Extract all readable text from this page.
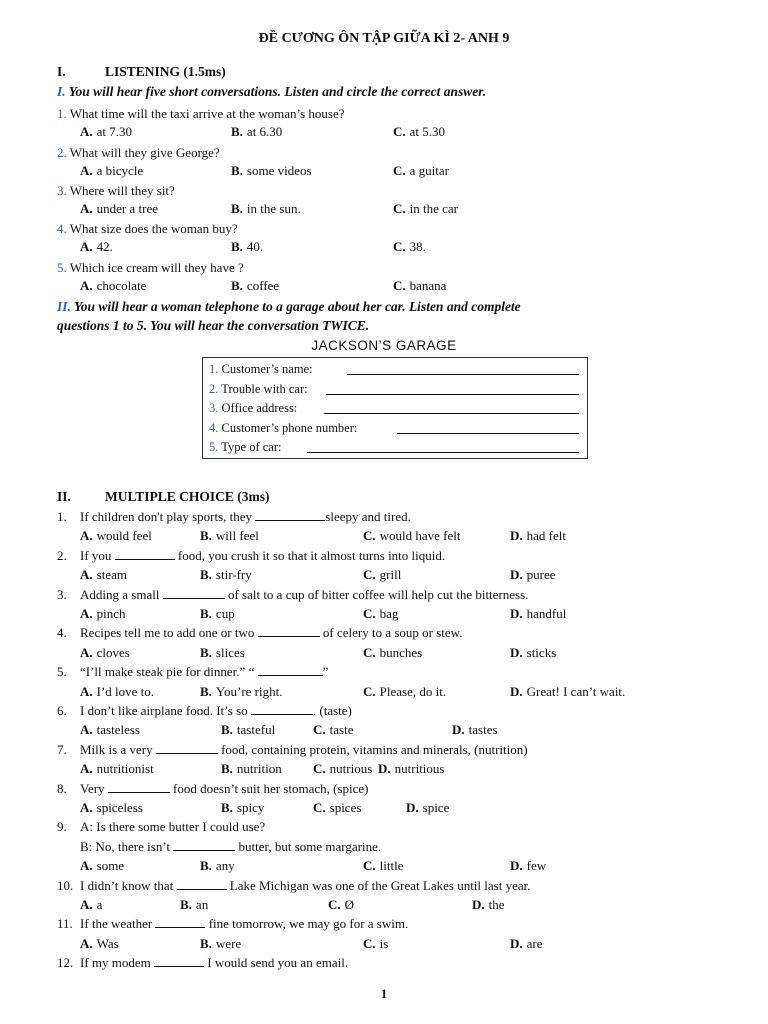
ĐỀ CƯƠNG ÔN TẬP GIỮA KÌ 2- ANH 9
I.	LISTENING (1.5ms)
I. You will hear five short conversations. Listen and circle the correct answer.
1. What time will the taxi arrive at the woman’s house?
A. at 7.30	B. at 6.30	C. at 5.30
2. What will they give George?
A. a bicycle	B. some videos	C. a guitar
3. Where will they sit?
A. under a tree	B. in the sun.	C. in the car
4. What size does the woman buy?
A. 42.	B. 40.	C. 38.
5. Which ice cream will they have ?
A. chocolate	B. coffee	C. banana
II. You will hear a woman telephone to a garage about her car. Listen and complete
questions 1 to 5. You will hear the conversation TWICE.
JACKSON’S GARAGE
1. Customer’s name:
2. Trouble with car:
3. Office address:
4. Customer’s phone number:
5. Type of car:
II.	MULTIPLE CHOICE (3ms)
1. If children don't play sports, they	sleepy and tired.
A. would feel	B. will feel	C. would have felt	D. had felt
2. If you	food, you crush it so that it almost turns into liquid.
A. steam	B. stir-fry	C. grill	D. puree
3. Adding a small	of salt to a cup of bitter coffee will help cut the bitterness.
A. pinch	B. cup	C. bag	D. handful
4. Recipes tell me to add one or two	of celery to a soup or stew.
A. cloves	B. slices	C. bunches	D. sticks
5. “I’ll make steak pie for dinner.” “	”
A. I’d love to.	B. You’re right.	C. Please, do it.	D. Great! I can’t wait.
6. I don’t like airplane food. It’s so	. (taste)
A. tasteless	B. tasteful	C. taste	D. tastes
7. Milk is a very	food, containing protein, vitamins and minerals, (nutrition)
A. nutritionist	B. nutrition C. nutrious D. nutritious
8. Very	food doesn’t suit her stomach, (spice)
A. spiceless	B. spicy	C. spices	D. spice
9. A: Is there some butter I could use?
B: No, there isn’t	butter, but some margarine.
A. some	B. any	C. little	D. few
10. I didn’t know that	Lake Michigan was one of the Great Lakes until last year.
A. a	B. an	C. Ø	D. the
11. If the weather	fine tomorrow, we may go for a swim.
A. Was	B. were	C. is	D. are
12. If my modem	I would send you an email.
1
